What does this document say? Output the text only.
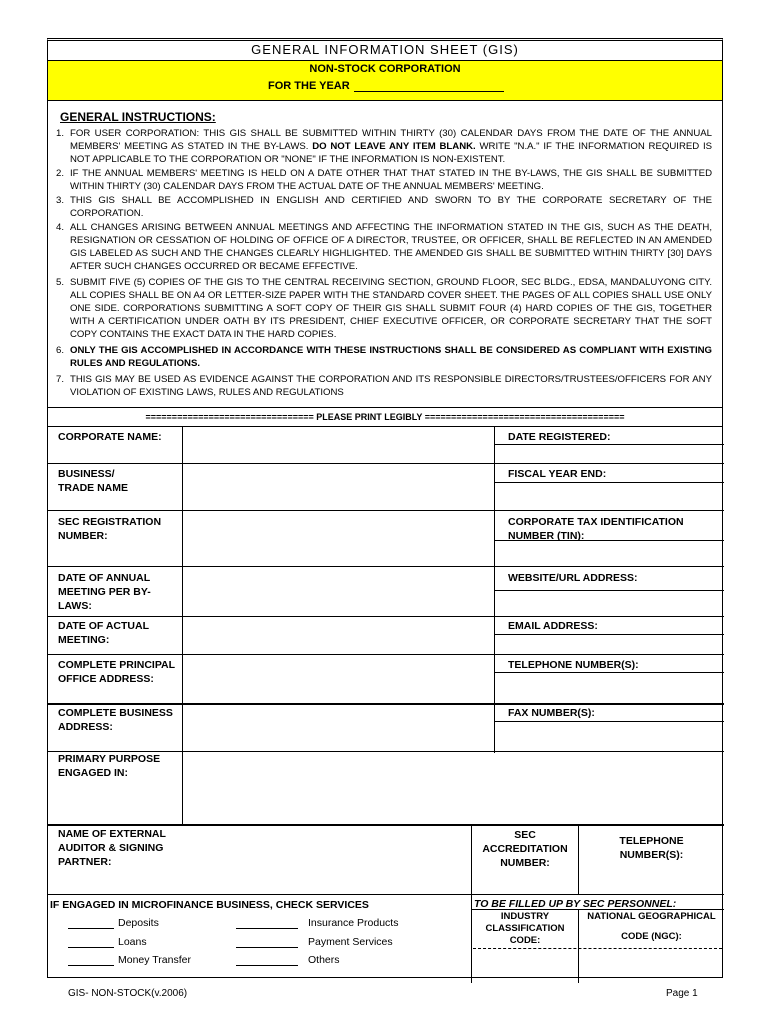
GENERAL INFORMATION SHEET (GIS)
NON-STOCK CORPORATION
FOR THE YEAR
GENERAL INSTRUCTIONS:
1. FOR USER CORPORATION: THIS GIS SHALL BE SUBMITTED WITHIN THIRTY (30) CALENDAR DAYS FROM THE DATE OF THE ANNUAL MEMBERS' MEETING AS STATED IN THE BY-LAWS. DO NOT LEAVE ANY ITEM BLANK. WRITE "N.A." IF THE INFORMATION REQUIRED IS NOT APPLICABLE TO THE CORPORATION OR "NONE" IF THE INFORMATION IS NON-EXISTENT.
2. IF THE ANNUAL MEMBERS' MEETING IS HELD ON A DATE OTHER THAT THAT STATED IN THE BY-LAWS, THE GIS SHALL BE SUBMITTED WITHIN THIRTY (30) CALENDAR DAYS FROM THE ACTUAL DATE OF THE ANNUAL MEMBERS' MEETING.
3. THIS GIS SHALL BE ACCOMPLISHED IN ENGLISH AND CERTIFIED AND SWORN TO BY THE CORPORATE SECRETARY OF THE CORPORATION.
4. ALL CHANGES ARISING BETWEEN ANNUAL MEETINGS AND AFFECTING THE INFORMATION STATED IN THE GIS, SUCH AS THE DEATH, RESIGNATION OR CESSATION OF HOLDING OF OFFICE OF A DIRECTOR, TRUSTEE, OR OFFICER, SHALL BE REFLECTED IN AN AMENDED GIS LABELED AS SUCH AND THE CHANGES CLEARLY HIGHLIGHTED. THE AMENDED GIS SHALL BE SUBMITTED WITHIN THIRTY [30] DAYS AFTER SUCH CHANGES OCCURRED OR BECAME EFFECTIVE.
5. SUBMIT FIVE (5) COPIES OF THE GIS TO THE CENTRAL RECEIVING SECTION, GROUND FLOOR, SEC BLDG., EDSA, MANDALUYONG CITY. ALL COPIES SHALL BE ON A4 OR LETTER-SIZE PAPER WITH THE STANDARD COVER SHEET. THE PAGES OF ALL COPIES SHALL USE ONLY ONE SIDE. CORPORATIONS SUBMITTING A SOFT COPY OF THEIR GIS SHALL SUBMIT FOUR (4) HARD COPIES OF THE GIS, TOGETHER WITH A CERTIFICATION UNDER OATH BY ITS PRESIDENT, CHIEF EXECUTIVE OFFICER, OR CORPORATE SECRETARY THAT THE SOFT COPY CONTAINS THE EXACT DATA IN THE HARD COPIES.
6. ONLY THE GIS ACCOMPLISHED IN ACCORDANCE WITH THESE INSTRUCTIONS SHALL BE CONSIDERED AS COMPLIANT WITH EXISTING RULES AND REGULATIONS.
7. THIS GIS MAY BE USED AS EVIDENCE AGAINST THE CORPORATION AND ITS RESPONSIBLE DIRECTORS/TRUSTEES/OFFICERS FOR ANY VIOLATION OF EXISTING LAWS, RULES AND REGULATIONS
================================ PLEASE PRINT LEGIBLY ======================================
CORPORATE NAME:
BUSINESS/
TRADE NAME
SEC REGISTRATION
NUMBER:
DATE OF ANNUAL
MEETING PER BY-
LAWS:
DATE OF ACTUAL
MEETING:
COMPLETE PRINCIPAL
OFFICE ADDRESS:
COMPLETE BUSINESS
ADDRESS:
PRIMARY PURPOSE
ENGAGED IN:
NAME OF EXTERNAL
AUDITOR & SIGNING
PARTNER:
DATE REGISTERED:
FISCAL YEAR END:
CORPORATE TAX IDENTIFICATION
NUMBER (TIN):
WEBSITE/URL ADDRESS:
EMAIL ADDRESS:
TELEPHONE NUMBER(S):
FAX NUMBER(S):
SEC
ACCREDITATION
NUMBER:
TELEPHONE
NUMBER(S):
IF ENGAGED IN MICROFINANCE BUSINESS, CHECK SERVICES
Deposits
Loans
Money Transfer
Insurance Products
Payment Services
Others
TO BE FILLED UP BY SEC PERSONNEL:
INDUSTRY
CLASSIFICATION
CODE:
NATIONAL GEOGRAPHICAL
CODE (NGC):
GIS- NON-STOCK(v.2006)	Page 1
